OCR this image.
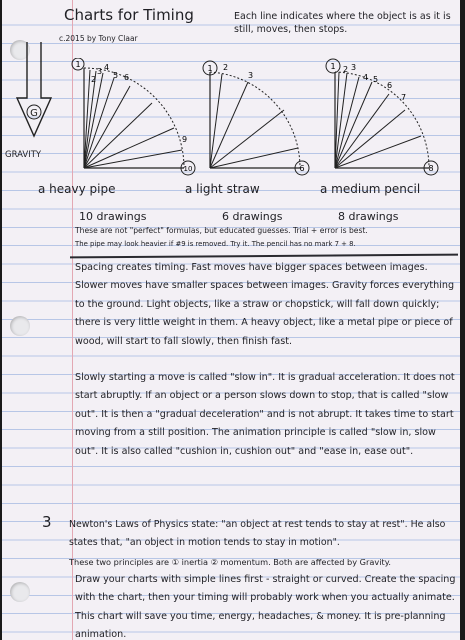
Charts for Timing
c.2015 by Tony Claar
Each line indicates where the object is as it is still, moves, then stops.
G
GRAVITY
1
10
2
3 4
5 6
9
1
6
2
3
1
8
2 3
4 5
6
7
a heavy pipe	a light straw	a medium pencil
10 drawings	6 drawings	8 drawings
These are not "perfect" formulas, but educated guesses. Trial + error is best.
The pipe may look heavier if #9 is removed. Try it. The pencil has no mark 7 + 8.
Spacing creates timing. Fast moves have bigger spaces between images. Slower moves have smaller spaces between images. Gravity forces everything to the ground. Light objects, like a straw or chopstick, will fall down quickly; there is very little weight in them. A heavy object, like a metal pipe or piece of wood, will start to fall slowly, then finish fast.
Slowly starting a move is called "slow in". It is gradual acceleration. It does not start abruptly. If an object or a person slows down to stop, that is called "slow out". It is then a "gradual deceleration" and is not abrupt. It takes time to start moving from a still position. The animation principle is called "slow in, slow out". It is also called "cushion in, cushion out" and "ease in, ease out".
3 Newton's Laws of Physics state: "an object at rest tends to stay at rest". He also states that, "an object in motion tends to stay in motion".
These two principles are ① inertia ② momentum. Both are affected by Gravity.
Draw your charts with simple lines first - straight or curved. Create the spacing with the chart, then your timing will probably work when you actually animate. This chart will save you time, energy, headaches, & money. It is pre-planning animation.
